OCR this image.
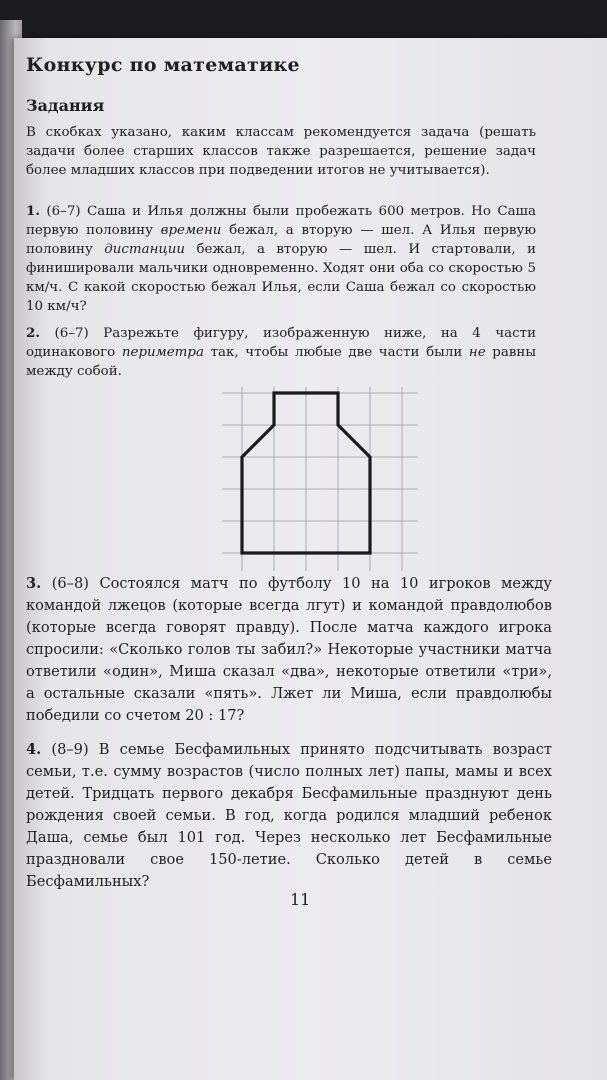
Конкурс по математике
Задания

В скобках указано, каким классам рекомендуется задача (решать задачи более старших классов также разрешается, решение задач более младших классов при подведении итогов не учитывается).

1. (6–7) Саша и Илья должны были пробежать 600 метров. Но Саша первую половину времени бежал, а вторую — шел. А Илья первую половину дистанции бежал, а вторую — шел. И стартовали, и финишировали мальчики одновременно. Ходят они оба со скоростью 5 км/ч. С какой скоростью бежал Илья, если Саша бежал со скоростью 10 км/ч?

2. (6–7) Разрежьте фигуру, изображенную ниже, на 4 части одинакового периметра так, чтобы любые две части были не равны между собой.

3. (6–8) Состоялся матч по футболу 10 на 10 игроков между командой лжецов (которые всегда лгут) и командой правдолюбов (которые всегда говорят правду). После матча каждого игрока спросили: «Сколько голов ты забил?» Некоторые участники матча ответили «один», Миша сказал «два», некоторые ответили «три», а остальные сказали «пять». Лжет ли Миша, если правдолюбы победили со счетом 20 : 17?

4. (8–9) В семье Бесфамильных принято подсчитывать возраст семьи, т.е. сумму возрастов (число полных лет) папы, мамы и всех детей. Тридцать первого декабря Бесфамильные празднуют день рождения своей семьи. В год, когда родился младший ребенок Даша, семье был 101 год. Через несколько лет Бесфамильные праздновали свое 150-летие. Сколько детей в семье Бесфамильных?

11
